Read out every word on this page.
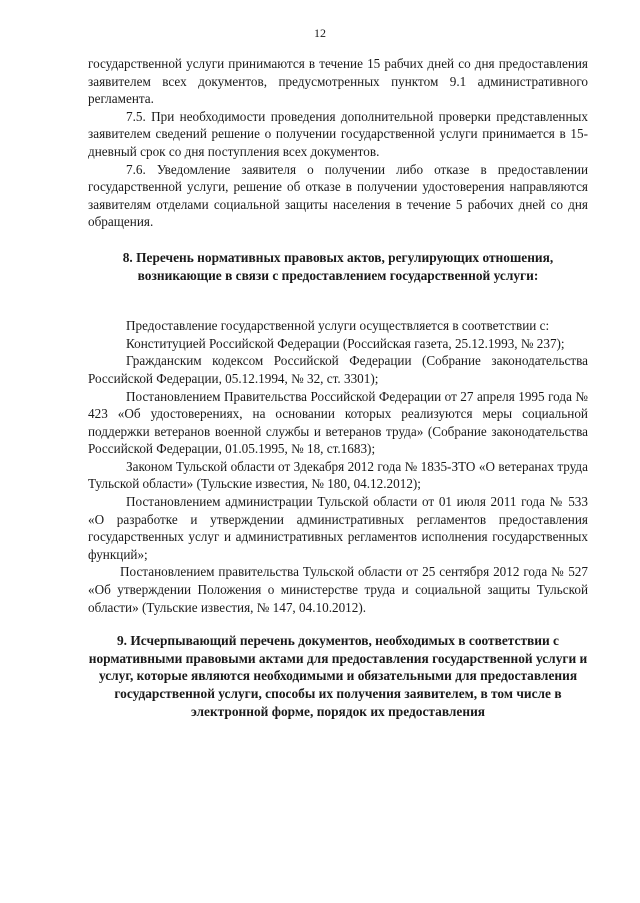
12

государственной услуги принимаются в течение 15 рабчих дней со дня предоставления заявителем всех документов, предусмотренных пунктом 9.1 административного регламента.

7.5. При необходимости проведения дополнительной проверки представленных заявителем сведений решение о получении государственной услуги принимается в 15-дневный срок со дня поступления всех документов.

7.6. Уведомление заявителя о получении либо отказе в предоставлении государственной услуги, решение об отказе в получении удостоверения направляются заявителям отделами социальной защиты населения в течение 5 рабочих дней со дня обращения.

8. Перечень нормативных правовых актов, регулирующих отношения, возникающие в связи с предоставлением государственной услуги:

Предоставление государственной услуги осуществляется в соответствии с:

Конституцией Российской Федерации (Российская газета, 25.12.1993, № 237);

Гражданским кодексом Российской Федерации (Собрание законодательства Российской Федерации, 05.12.1994, № 32, ст. 3301);

Постановлением Правительства Российской Федерации от 27 апреля 1995 года № 423 «Об удостоверениях, на основании которых реализуются меры социальной поддержки ветеранов военной службы и ветеранов труда» (Собрание законодательства Российской Федерации, 01.05.1995, № 18, ст.1683);

Законом Тульской области от 3декабря 2012 года № 1835-ЗТО «О ветеранах труда Тульской области» (Тульские известия, № 180, 04.12.2012);

Постановлением администрации Тульской области от 01 июля 2011 года № 533 «О разработке и утверждении административных регламентов предоставления государственных услуг и административных регламентов исполнения государственных функций»;

Постановлением правительства Тульской области от 25 сентября 2012 года № 527 «Об утверждении Положения о министерстве труда и социальной защиты Тульской области» (Тульские известия, № 147, 04.10.2012).

9. Исчерпывающий перечень документов, необходимых в соответствии с нормативными правовыми актами для предоставления государственной услуги и услуг, которые являются необходимыми и обязательными для предоставления государственной услуги, способы их получения заявителем, в том числе в электронной форме, порядок их предоставления
